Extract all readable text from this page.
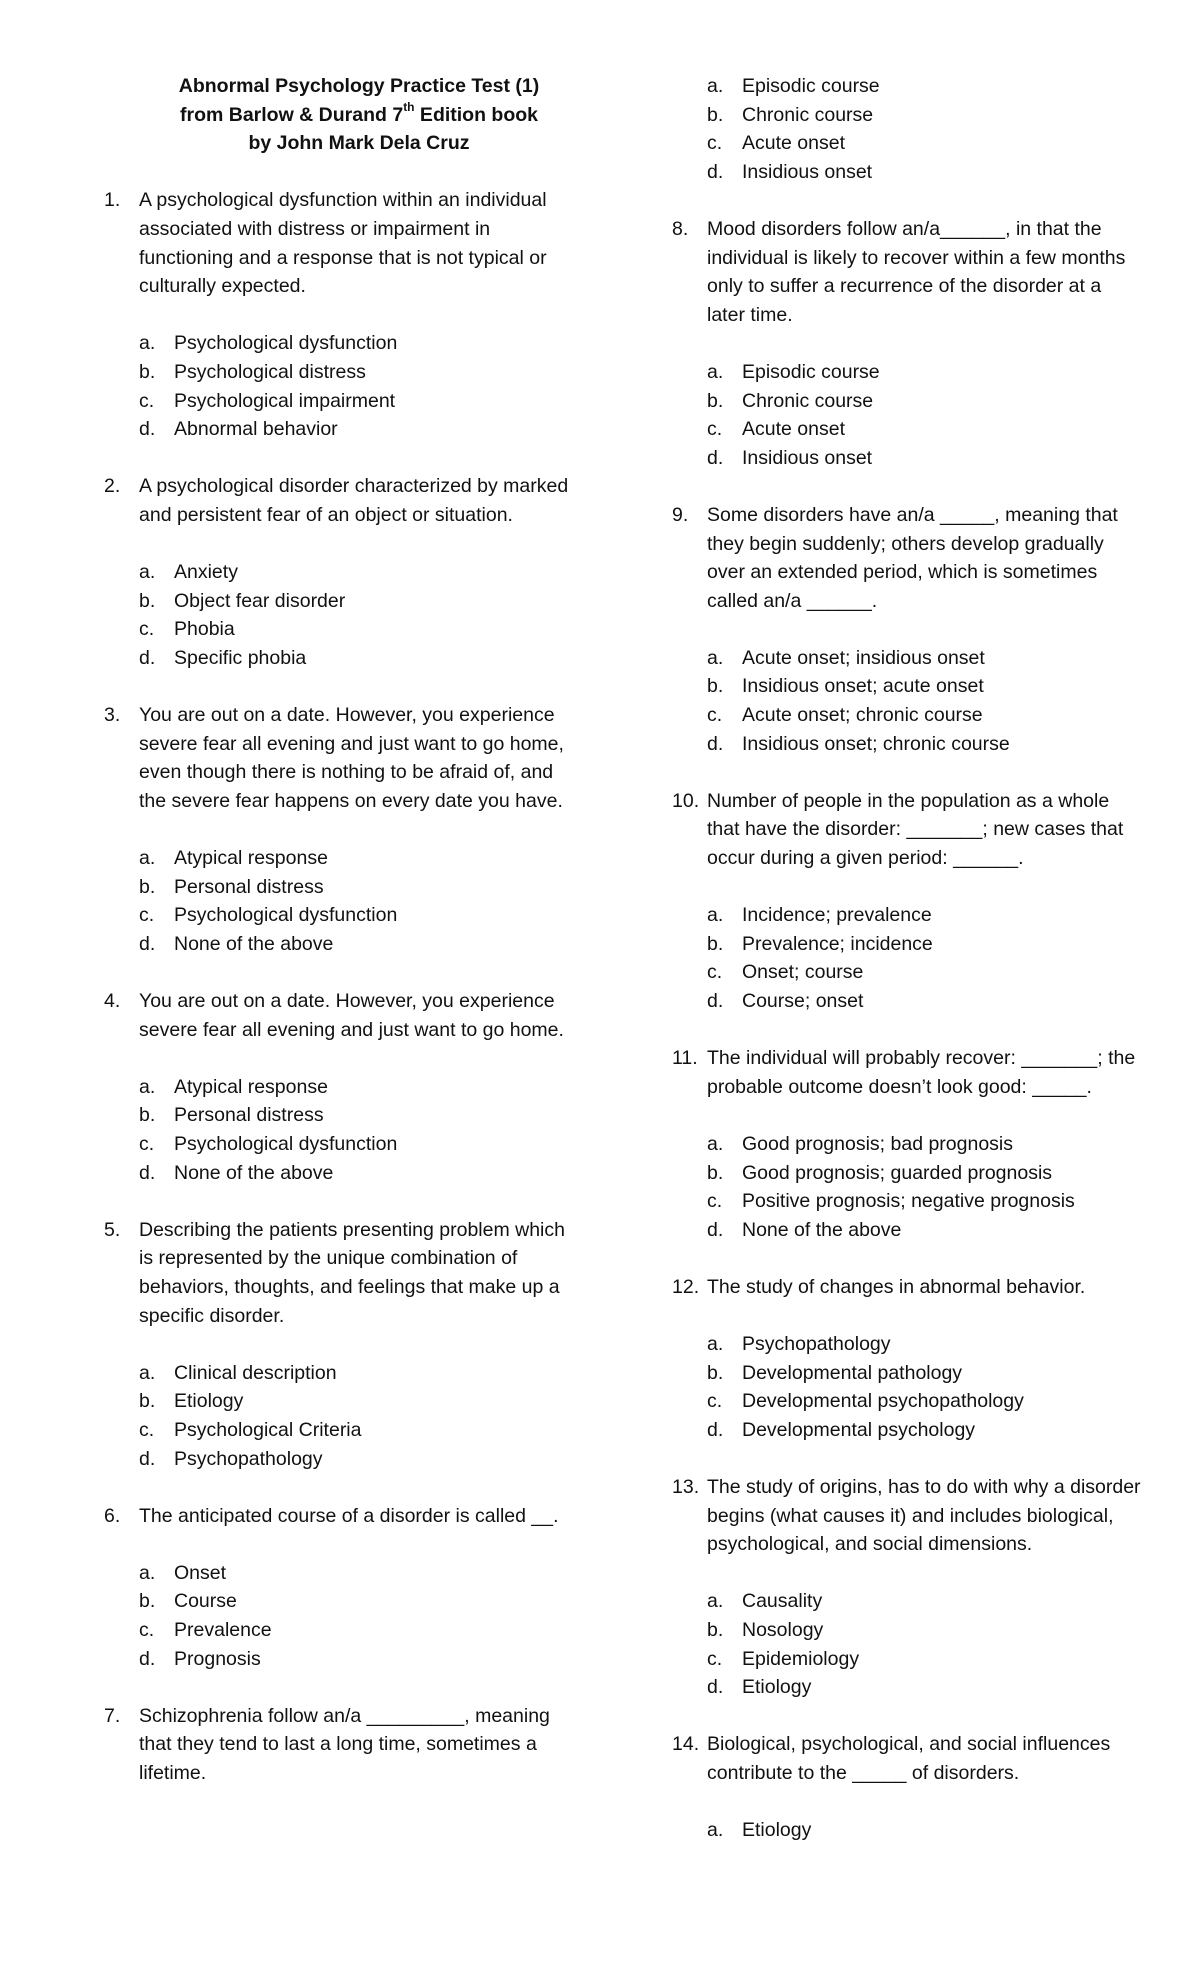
Abnormal Psychology Practice Test (1)
from Barlow & Durand 7th Edition book
by John Mark Dela Cruz
1. A psychological dysfunction within an individual associated with distress or impairment in functioning and a response that is not typical or culturally expected.
a. Psychological dysfunction
b. Psychological distress
c.	Psychological impairment
d. Abnormal behavior
2. A psychological disorder characterized by marked and persistent fear of an object or situation.
a. Anxiety
b. Object fear disorder
c.	Phobia
d. Specific phobia
3. You are out on a date. However, you experience severe fear all evening and just want to go home, even though there is nothing to be afraid of, and the severe fear happens on every date you have.
a. Atypical response
b. Personal distress
c.	Psychological dysfunction
d. None of the above
4. You are out on a date. However, you experience severe fear all evening and just want to go home.
a. Atypical response
b. Personal distress
c.	Psychological dysfunction
d. None of the above
5. Describing the patients presenting problem which is represented by the unique combination of behaviors, thoughts, and feelings that make up a specific disorder.
a. Clinical description
b. Etiology
c.	Psychological Criteria
d. Psychopathology
6. The anticipated course of a disorder is called __.
a. Onset
b. Course
c.	Prevalence
d. Prognosis
7. Schizophrenia follow an/a _________, meaning that they tend to last a long time, sometimes a lifetime.
a. Episodic course
b. Chronic course
c.	Acute onset
d. Insidious onset
8. Mood disorders follow an/a______, in that the individual is likely to recover within a few months only to suffer a recurrence of the disorder at a later time.
a. Episodic course
b. Chronic course
c.	Acute onset
d. Insidious onset
9. Some disorders have an/a _____, meaning that they begin suddenly; others develop gradually over an extended period, which is sometimes called an/a ______.
a. Acute onset; insidious onset
b. Insidious onset; acute onset
c.	Acute onset; chronic course
d. Insidious onset; chronic course
10. Number of people in the population as a whole that have the disorder: _______; new cases that occur during a given period: ______.
a. Incidence; prevalence
b. Prevalence; incidence
c.	Onset; course
d. Course; onset
11. The individual will probably recover: _______; the probable outcome doesn’t look good: _____.
a. Good prognosis; bad prognosis
b. Good prognosis; guarded prognosis
c.	Positive prognosis; negative prognosis
d. None of the above
12. The study of changes in abnormal behavior.
a. Psychopathology
b. Developmental pathology
c.	Developmental psychopathology
d. Developmental psychology
13. The study of origins, has to do with why a disorder begins (what causes it) and includes biological, psychological, and social dimensions.
a. Causality
b. Nosology
c.	Epidemiology
d. Etiology
14. Biological, psychological, and social influences contribute to the _____ of disorders.
a. Etiology
